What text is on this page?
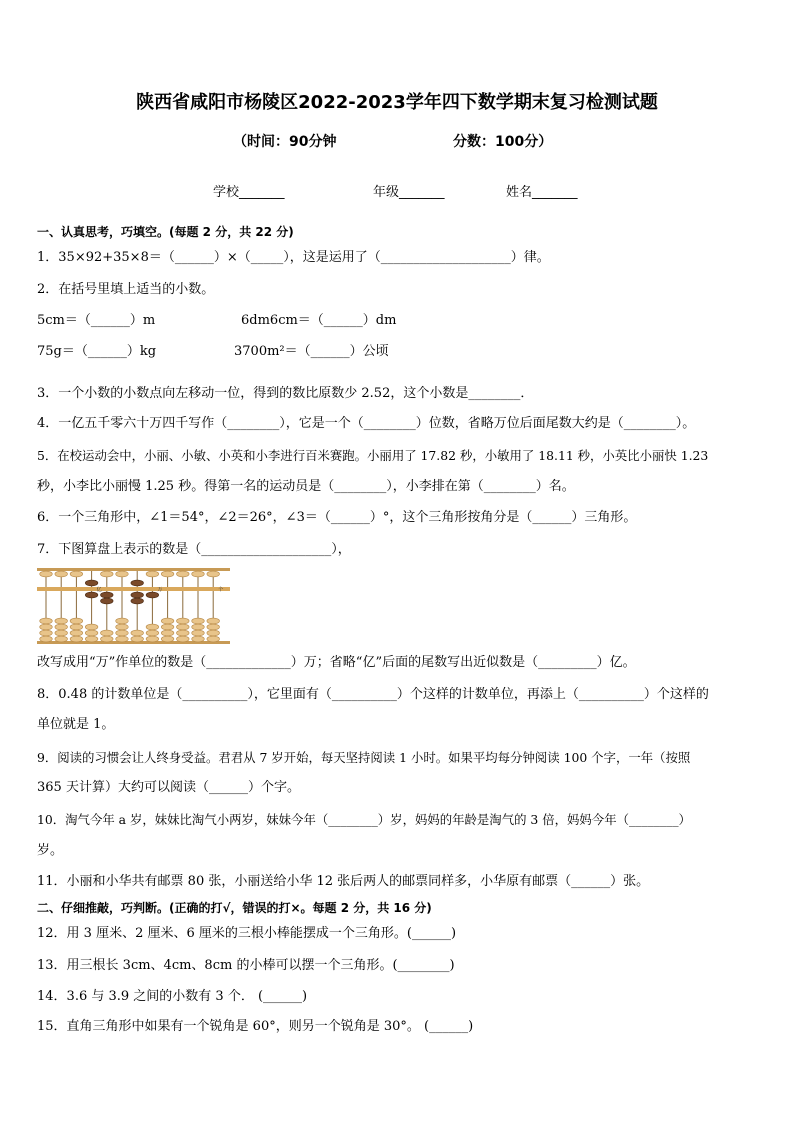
陕西省咸阳市杨陵区2022-2023学年四下数学期末复习检测试题
（时间：90分钟	分数：100分）
学校_______	年级_______	姓名_______
一、认真思考，巧填空。(每题 2 分，共 22 分)
1．35×92+35×8＝（______）×（_____），这是运用了（____________________）律。
2．在括号里填上适当的小数。
5cm＝（______）m	6dm6cm＝（______）dm
75g＝（______）kg	3700m²＝（______）公顷
3．一个小数的小数点向左移动一位，得到的数比原数少 2.52，这个小数是________．
4．一亿五千零六十万四千写作（________），它是一个（________）位数，省略万位后面尾数大约是（________）。
5．在校运动会中，小丽、小敏、小英和小李进行百米赛跑。小丽用了 17.82 秒，小敏用了 18.11 秒，小英比小丽快 1.23
秒，小李比小丽慢 1.25 秒。得第一名的运动员是（________），小李排在第（________）名。
6．一个三角形中，∠1＝54°，∠2＝26°，∠3＝（______）°，这个三角形按角分是（______）三角形。
7．下图算盘上表示的数是（____________________），
亿	万	个
改写成用“万”作单位的数是（_____________）万；省略“亿”后面的尾数写出近似数是（_________）亿。
8．0.48 的计数单位是（__________），它里面有（__________）个这样的计数单位，再添上（__________）个这样的
单位就是 1。
9．阅读的习惯会让人终身受益。君君从 7 岁开始，每天坚持阅读 1 小时。如果平均每分钟阅读 100 个字，一年（按照
365 天计算）大约可以阅读（______）个字。
10．淘气今年 a 岁，妹妹比淘气小两岁，妹妹今年（________）岁，妈妈的年龄是淘气的 3 倍，妈妈今年（________）
岁。
11．小丽和小华共有邮票 80 张，小丽送给小华 12 张后两人的邮票同样多，小华原有邮票（______）张。
二、仔细推敲，巧判断。(正确的打√，错误的打×。每题 2 分，共 16 分)
12．用 3 厘米、2 厘米、6 厘米的三根小棒能摆成一个三角形。(______)
13．用三根长 3cm、4cm、8cm 的小棒可以摆一个三角形。(________)
14．3.6 与 3.9 之间的小数有 3 个． (______)
15．直角三角形中如果有一个锐角是 60°，则另一个锐角是 30°。 (______)
